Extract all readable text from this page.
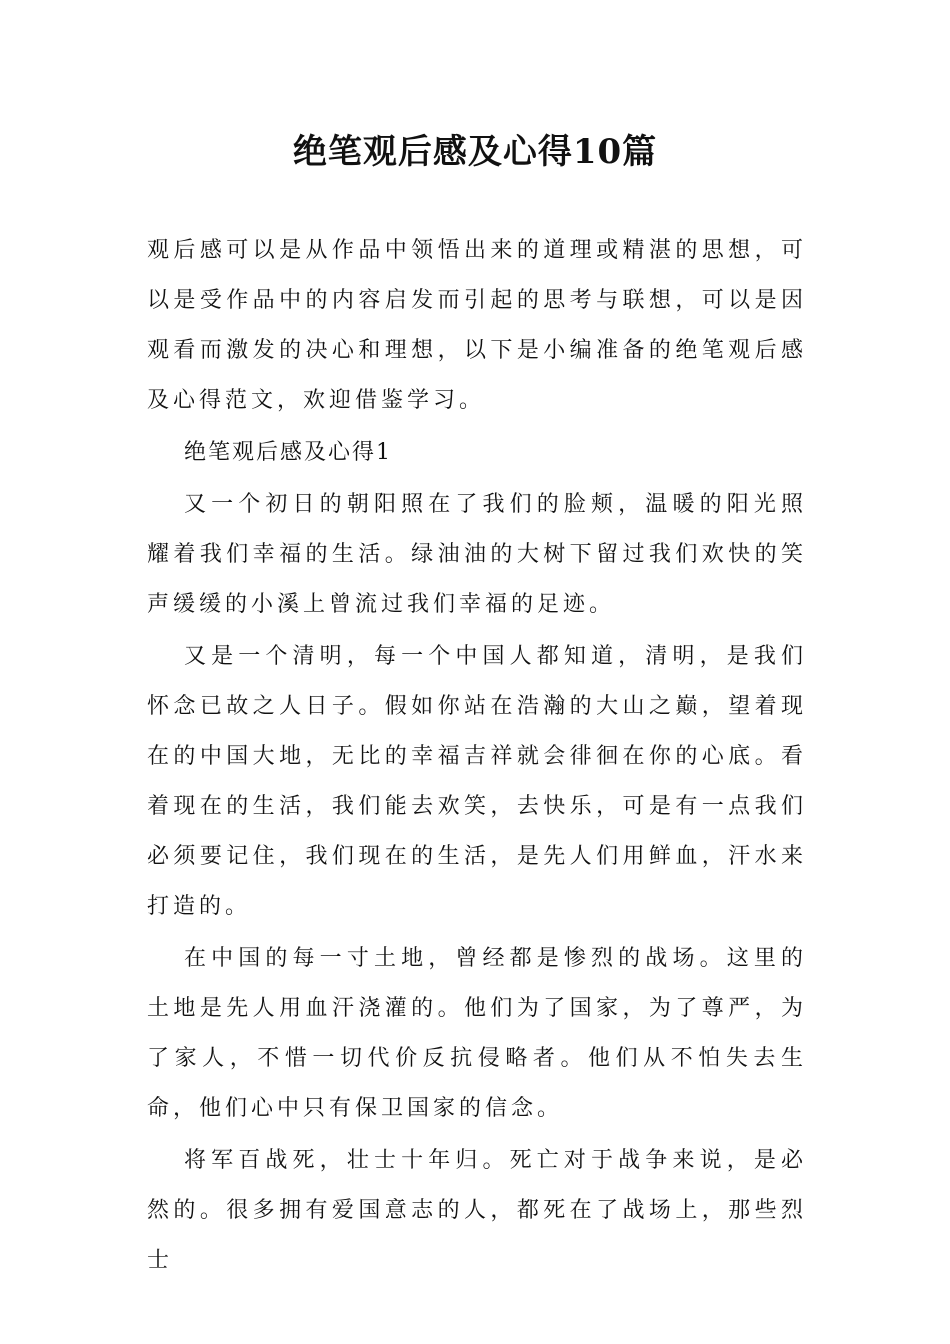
绝笔观后感及心得10篇

观后感可以是从作品中领悟出来的道理或精湛的思想，可以是受作品中的内容启发而引起的思考与联想，可以是因观看而激发的决心和理想，以下是小编准备的绝笔观后感及心得范文，欢迎借鉴学习。

绝笔观后感及心得1

又一个初日的朝阳照在了我们的脸颊，温暖的阳光照耀着我们幸福的生活。绿油油的大树下留过我们欢快的笑声缓缓的小溪上曾流过我们幸福的足迹。

又是一个清明，每一个中国人都知道，清明，是我们怀念已故之人日子。假如你站在浩瀚的大山之巅，望着现在的中国大地，无比的幸福吉祥就会徘徊在你的心底。看着现在的生活，我们能去欢笑，去快乐，可是有一点我们必须要记住，我们现在的生活，是先人们用鲜血，汗水来打造的。

在中国的每一寸土地，曾经都是惨烈的战场。这里的土地是先人用血汗浇灌的。他们为了国家，为了尊严，为了家人，不惜一切代价反抗侵略者。他们从不怕失去生命，他们心中只有保卫国家的信念。

将军百战死，壮士十年归。死亡对于战争来说，是必然的。很多拥有爱国意志的人，都死在了战场上，那些烈士
